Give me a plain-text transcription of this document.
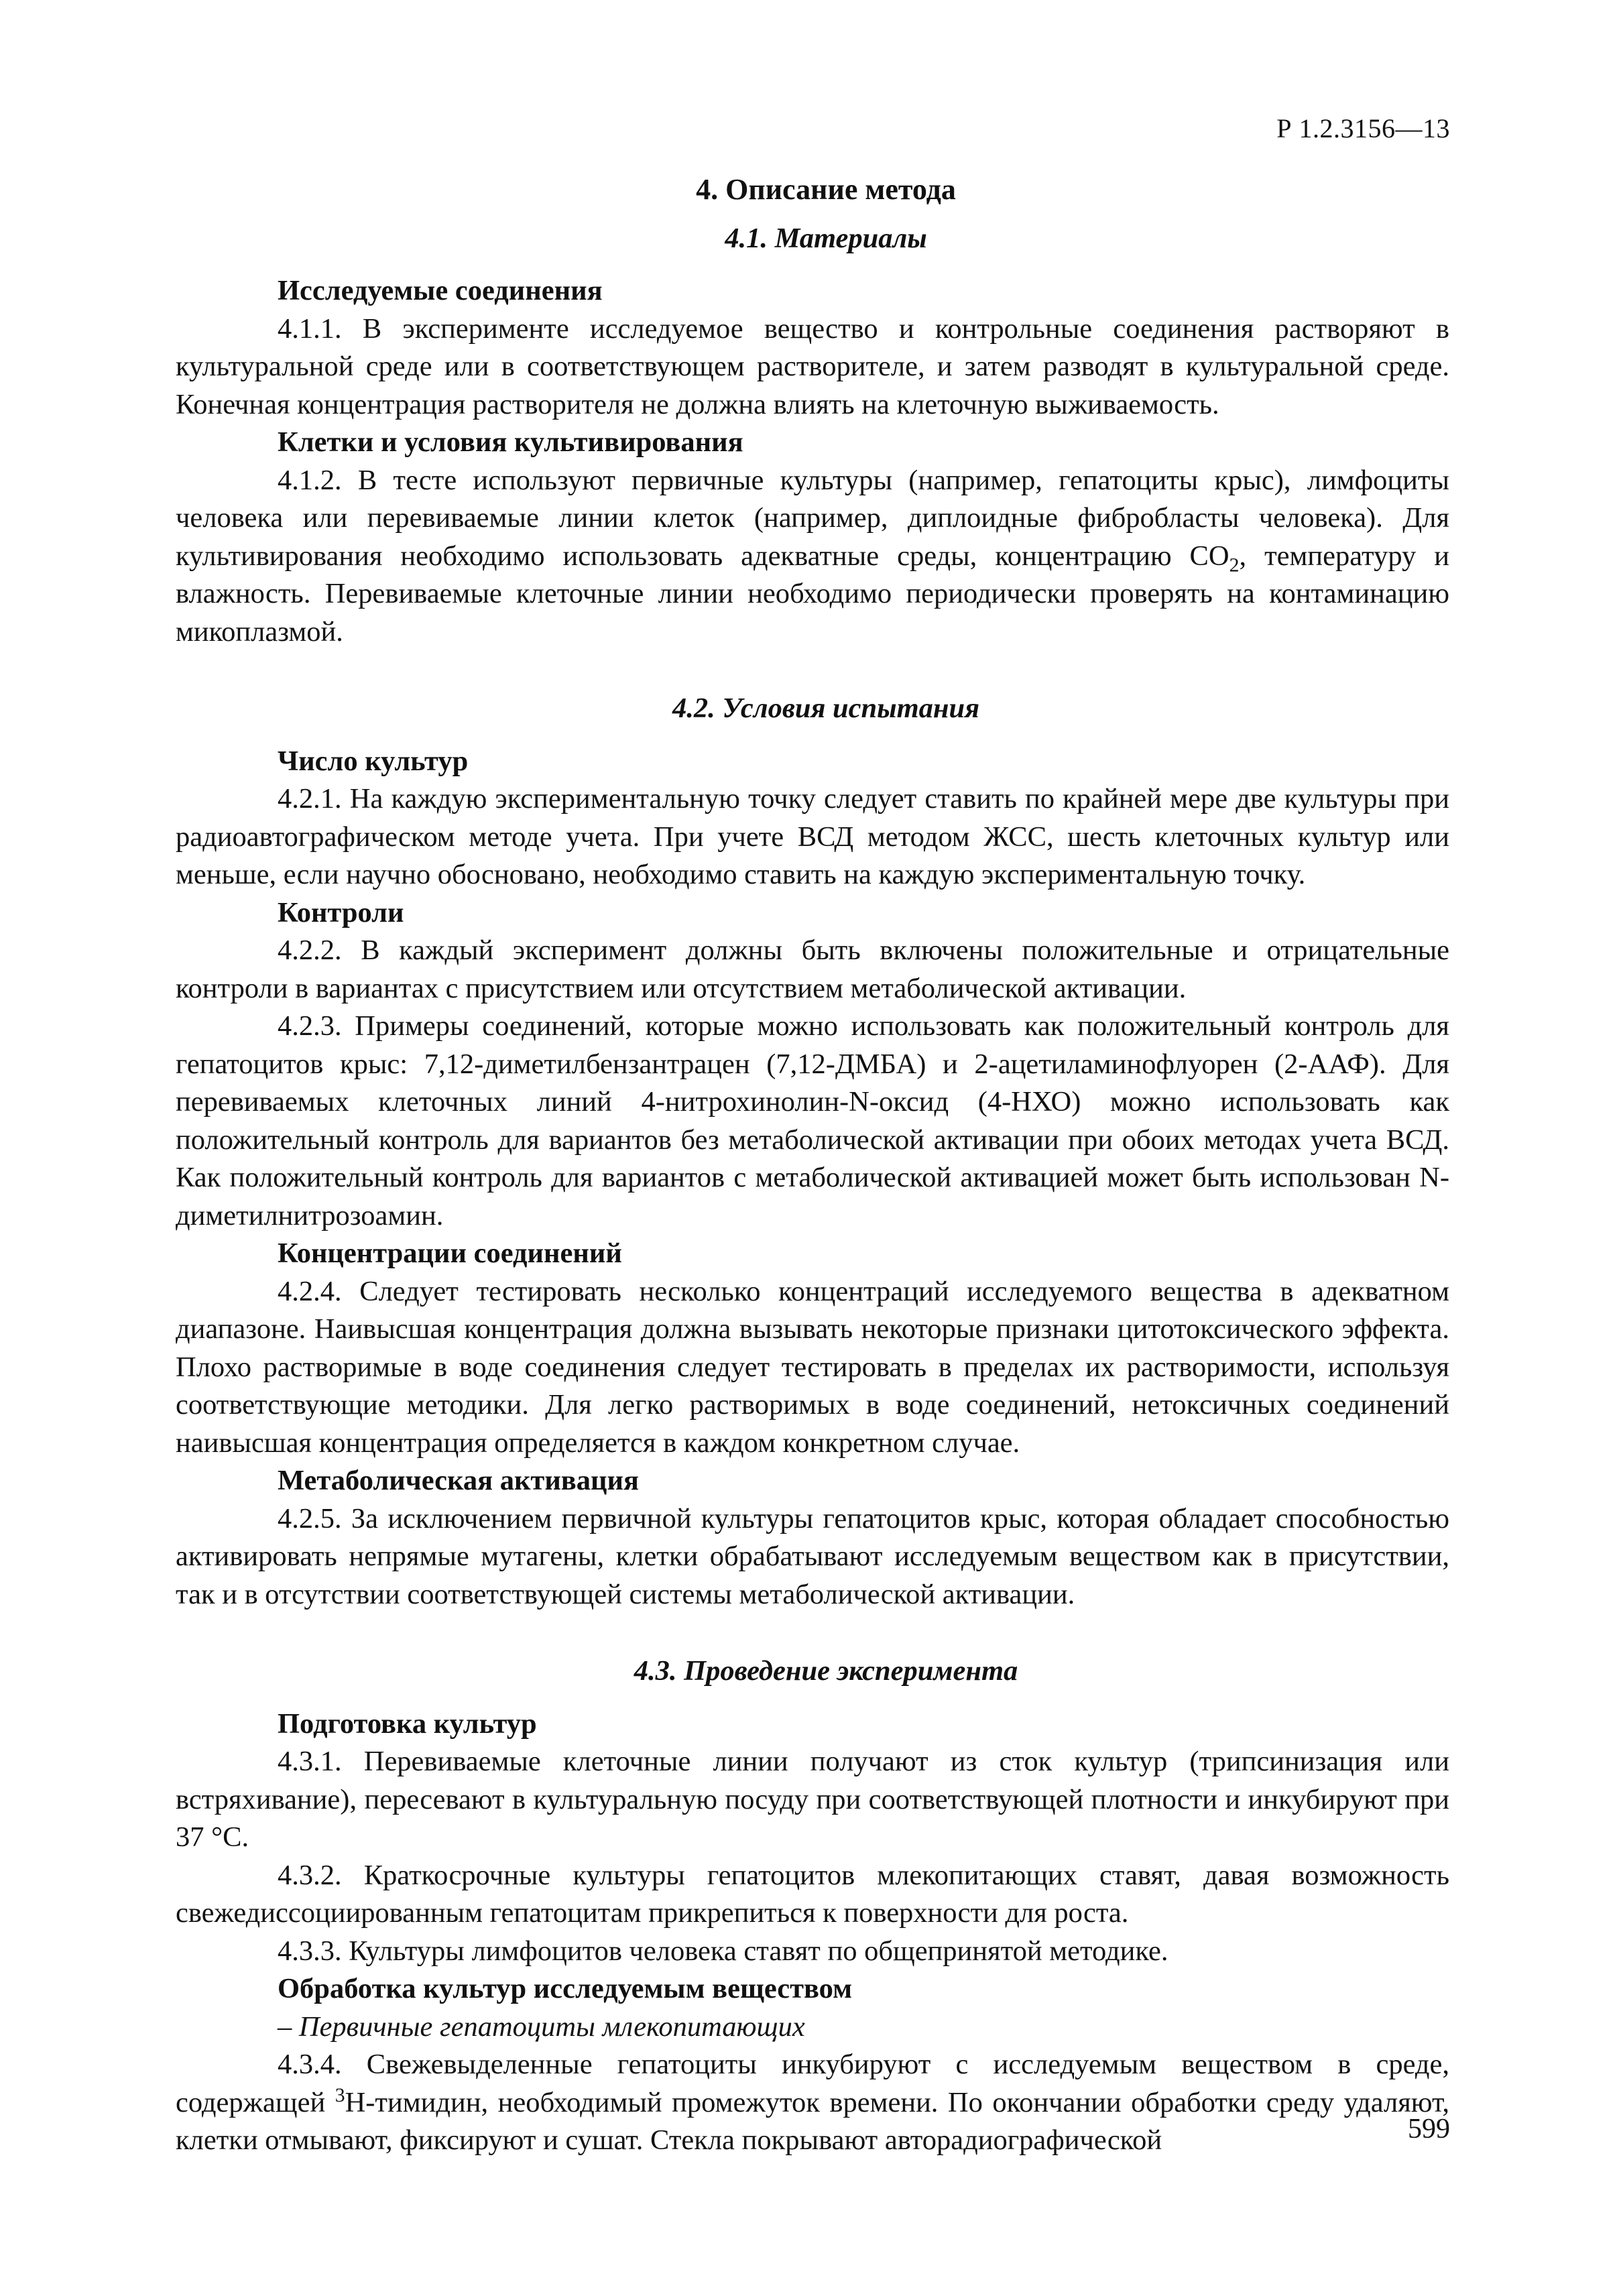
Р 1.2.3156—13
4. Описание метода
4.1. Материалы
Исследуемые соединения

4.1.1. В эксперименте исследуемое вещество и контрольные соединения растворяют в культуральной среде или в соответствующем растворителе, и затем разводят в культуральной среде. Конечная концентрация растворителя не должна влиять на клеточную выживаемость.

Клетки и условия культивирования

4.1.2. В тесте используют первичные культуры (например, гепатоциты крыс), лимфоциты человека или перевиваемые линии клеток (например, диплоидные фибробласты человека). Для культивирования необходимо использовать адекватные среды, концентрацию $CO_2$, температуру и влажность. Перевиваемые клеточные линии необходимо периодически проверять на контаминацию микоплазмой.

4.2. Условия испытания
Число культур

4.2.1. На каждую экспериментальную точку следует ставить по крайней мере две культуры при радиоавтографическом методе учета. При учете ВСД методом ЖСС, шесть клеточных культур или меньше, если научно обосновано, необходимо ставить на каждую экспериментальную точку.

Контроли

4.2.2. В каждый эксперимент должны быть включены положительные и отрицательные контроли в вариантах с присутствием или отсутствием метаболической активации.

4.2.3. Примеры соединений, которые можно использовать как положительный контроль для гепатоцитов крыс: 7,12-диметилбензантрацен (7,12-ДМБА) и 2-ацетиламинофлуорен (2-ААФ). Для перевиваемых клеточных линий 4-нитрохинолин-N-оксид (4-НХО) можно использовать как положительный контроль для вариантов без метаболической активации при обоих методах учета ВСД. Как положительный контроль для вариантов с метаболической активацией может быть использован N-диметилнитрозоамин.

Концентрации соединений

4.2.4. Следует тестировать несколько концентраций исследуемого вещества в адекватном диапазоне. Наивысшая концентрация должна вызывать некоторые признаки цитотоксического эффекта. Плохо растворимые в воде соединения следует тестировать в пределах их растворимости, используя соответствующие методики. Для легко растворимых в воде соединений, нетоксичных соединений наивысшая концентрация определяется в каждом конкретном случае.

Метаболическая активация

4.2.5. За исключением первичной культуры гепатоцитов крыс, которая обладает способностью активировать непрямые мутагены, клетки обрабатывают исследуемым веществом как в присутствии, так и в отсутствии соответствующей системы метаболической активации.

4.3. Проведение эксперимента
Подготовка культур

4.3.1. Перевиваемые клеточные линии получают из сток культур (трипсинизация или встряхивание), пересевают в культуральную посуду при соответствующей плотности и инкубируют при 37 °С.

4.3.2. Краткосрочные культуры гепатоцитов млекопитающих ставят, давая возможность свежедиссоциированным гепатоцитам прикрепиться к поверхности для роста.

4.3.3. Культуры лимфоцитов человека ставят по общепринятой методике.

Обработка культур исследуемым веществом
– Первичные гепатоциты млекопитающих

4.3.4. Свежевыделенные гепатоциты инкубируют с исследуемым веществом в среде, содержащей $^3$Н-тимидин, необходимый промежуток времени. По окончании обработки среду удаляют, клетки отмывают, фиксируют и сушат. Стекла покрывают авторадиографической	599
